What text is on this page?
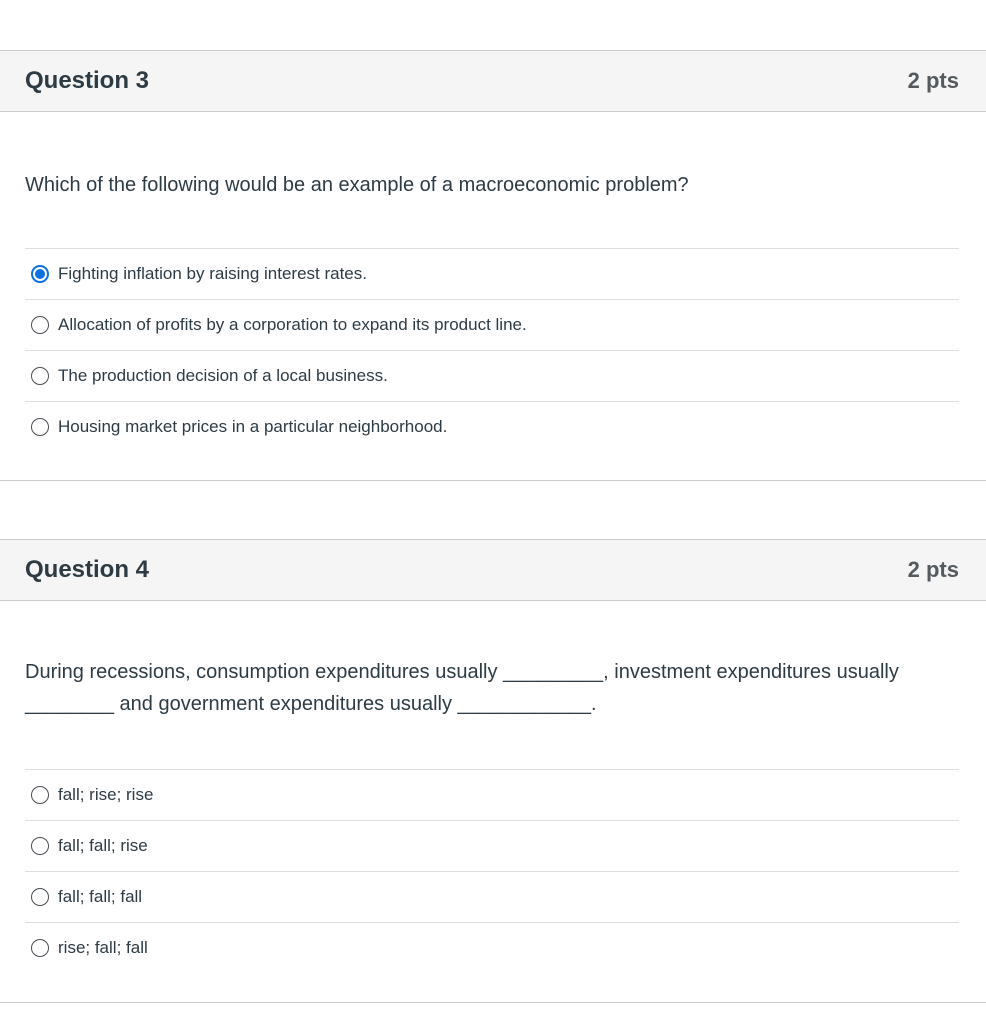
Question 3	2 pts

Which of the following would be an example of a macroeconomic problem?

Fighting inflation by raising interest rates.
Allocation of profits by a corporation to expand its product line.
The production decision of a local business.
Housing market prices in a particular neighborhood.
Question 4	2 pts
During recessions, consumption expenditures usually _________, investment expenditures usually
________ and government expenditures usually ____________.
fall; rise; rise
fall; fall; rise
fall; fall; fall
rise; fall; fall
